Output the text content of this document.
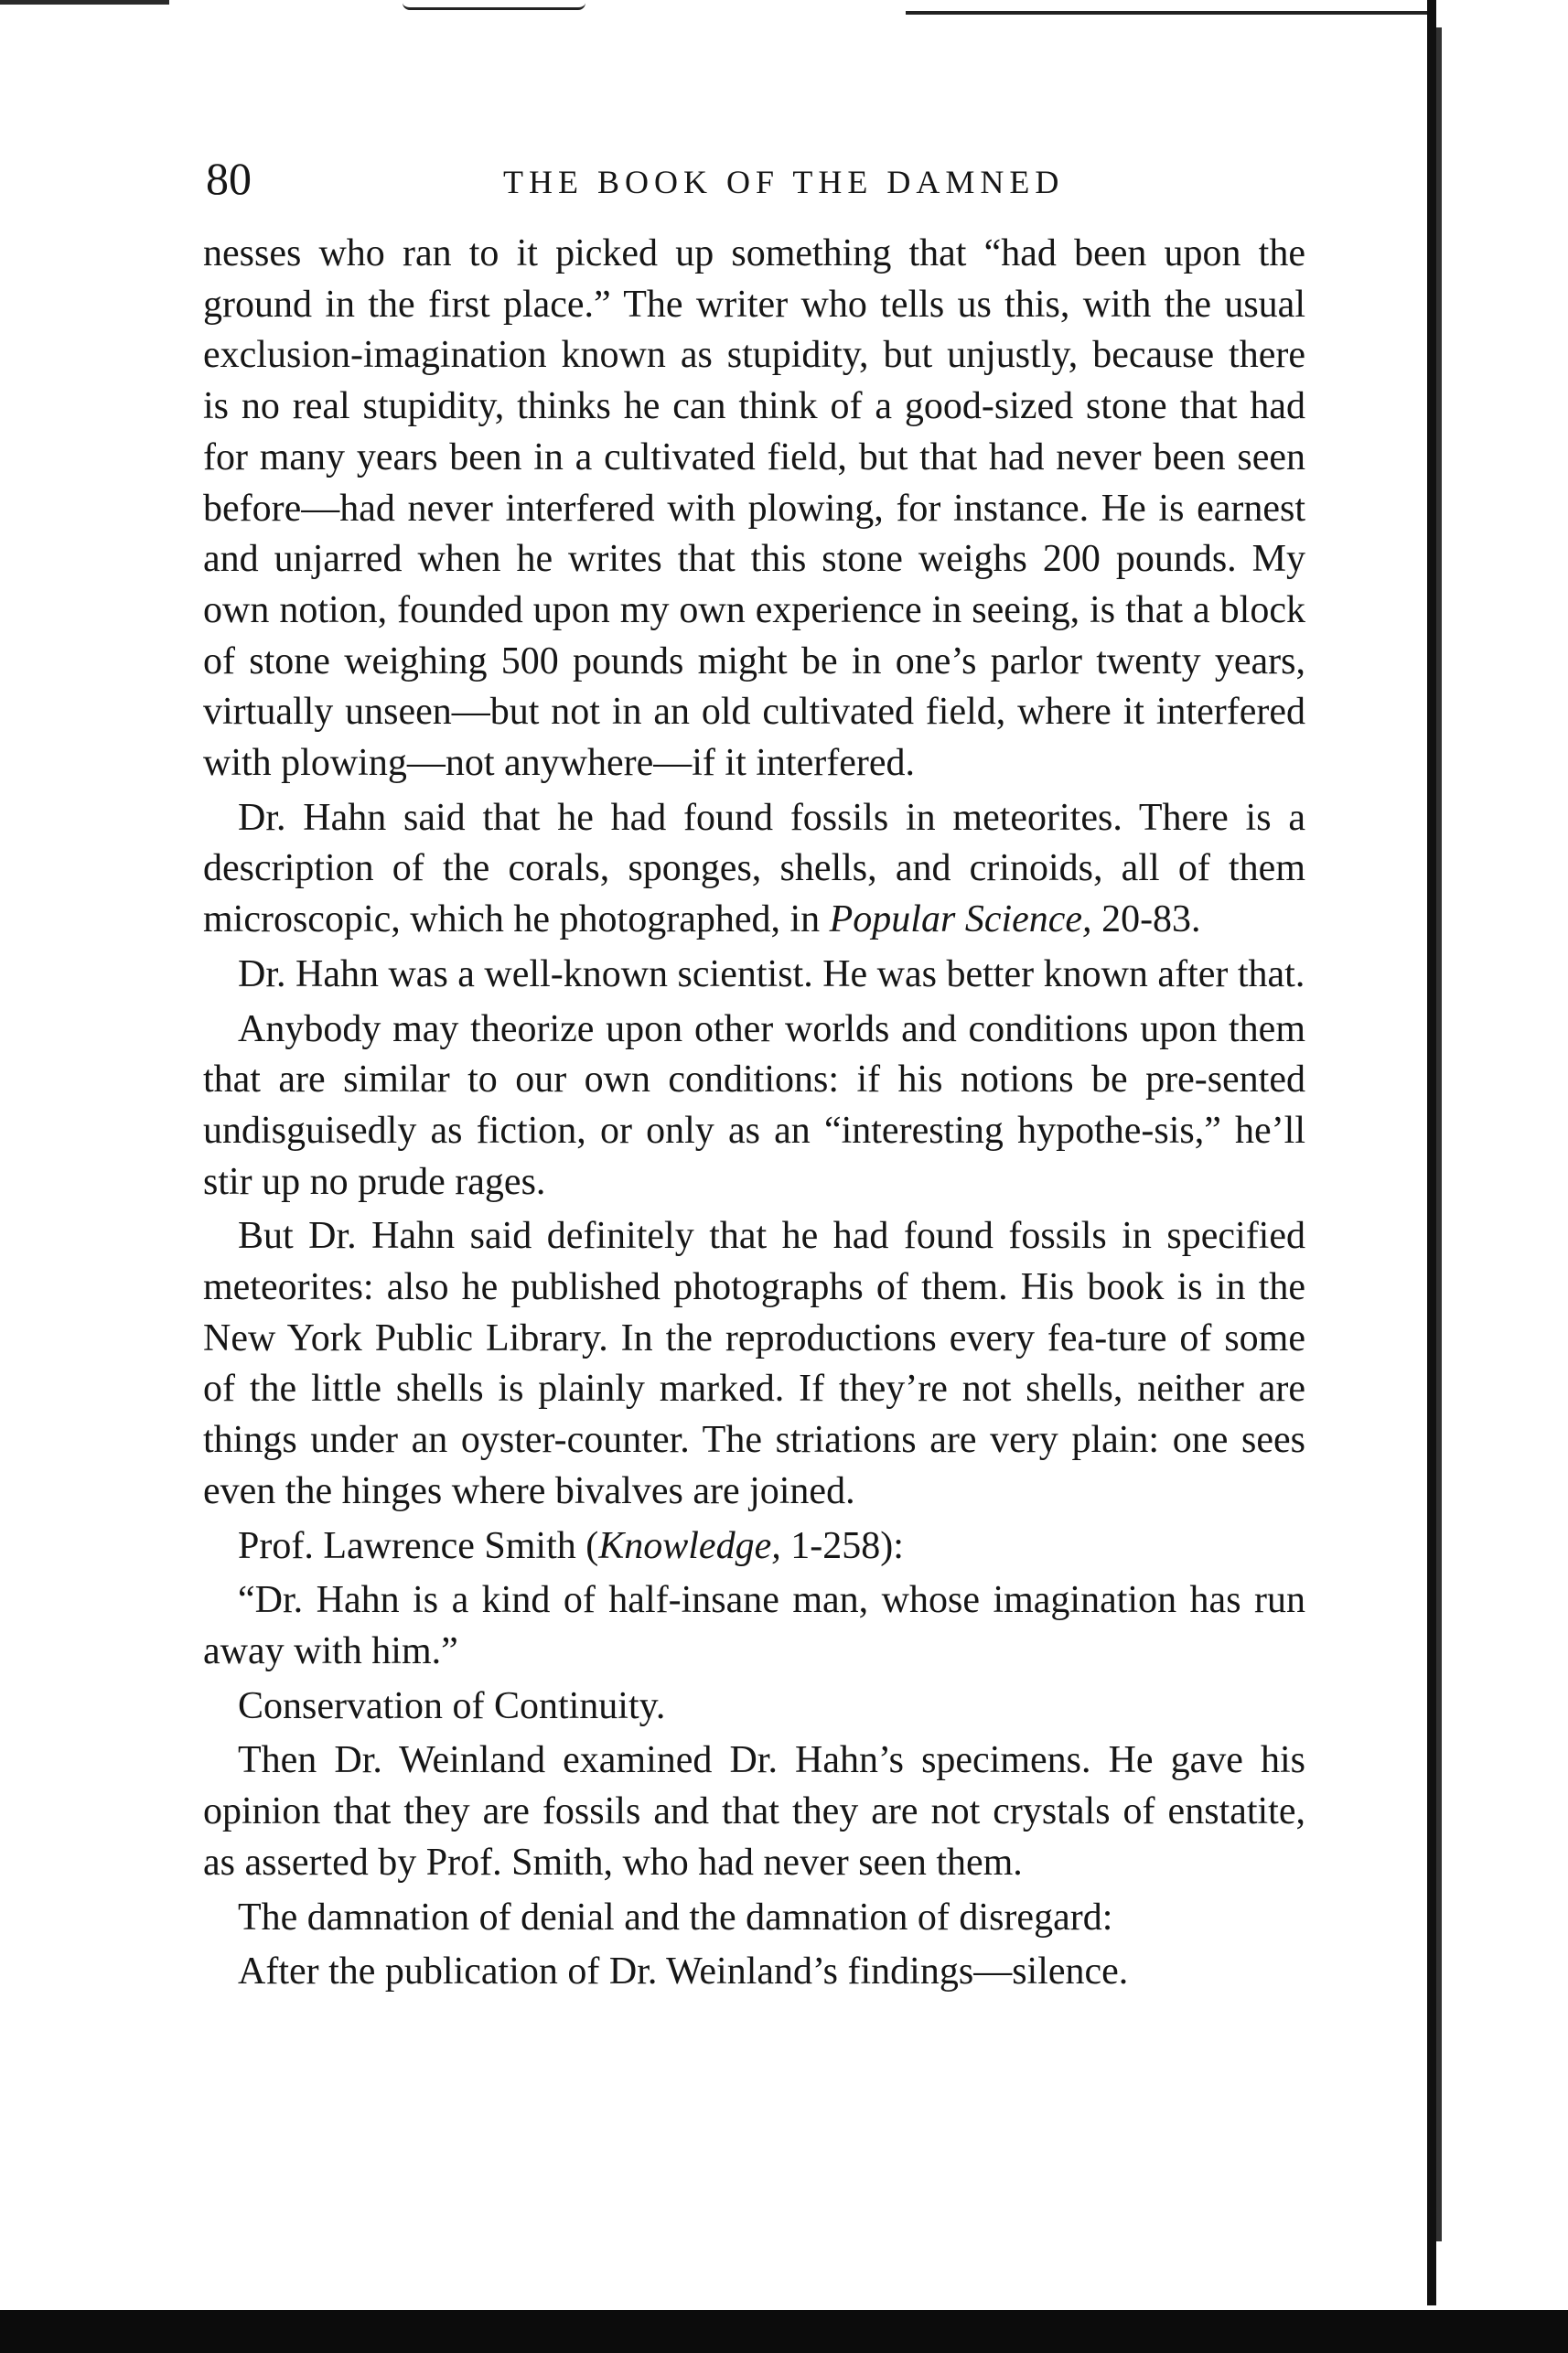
80	THE BOOK OF THE DAMNED

nesses who ran to it picked up something that “had been upon the ground in the first place.” The writer who tells us this, with the usual exclusion-imagination known as stupidity, but unjustly, because there is no real stupidity, thinks he can think of a good-sized stone that had for many years been in a cultivated field, but that had never been seen before—had never interfered with plowing, for instance. He is earnest and unjarred when he writes that this stone weighs 200 pounds. My own notion, founded upon my own experience in seeing, is that a block of stone weighing 500 pounds might be in one’s parlor twenty years, virtually unseen—but not in an old cultivated field, where it interfered with plowing—not anywhere—if it interfered.

Dr. Hahn said that he had found fossils in meteorites. There is a description of the corals, sponges, shells, and crinoids, all of them microscopic, which he photographed, in Popular Science, 20-83.

Dr. Hahn was a well-known scientist. He was better known after that.

Anybody may theorize upon other worlds and conditions upon them that are similar to our own conditions: if his notions be pre-sented undisguisedly as fiction, or only as an “interesting hypothe-sis,” he’ll stir up no prude rages.

But Dr. Hahn said definitely that he had found fossils in specified meteorites: also he published photographs of them. His book is in the New York Public Library. In the reproductions every fea-ture of some of the little shells is plainly marked. If they’re not shells, neither are things under an oyster-counter. The striations are very plain: one sees even the hinges where bivalves are joined.

Prof. Lawrence Smith (Knowledge, 1-258):

“Dr. Hahn is a kind of half-insane man, whose imagination has run away with him.”

Conservation of Continuity.

Then Dr. Weinland examined Dr. Hahn’s specimens. He gave his opinion that they are fossils and that they are not crystals of enstatite, as asserted by Prof. Smith, who had never seen them.

The damnation of denial and the damnation of disregard:

After the publication of Dr. Weinland’s findings—silence.
